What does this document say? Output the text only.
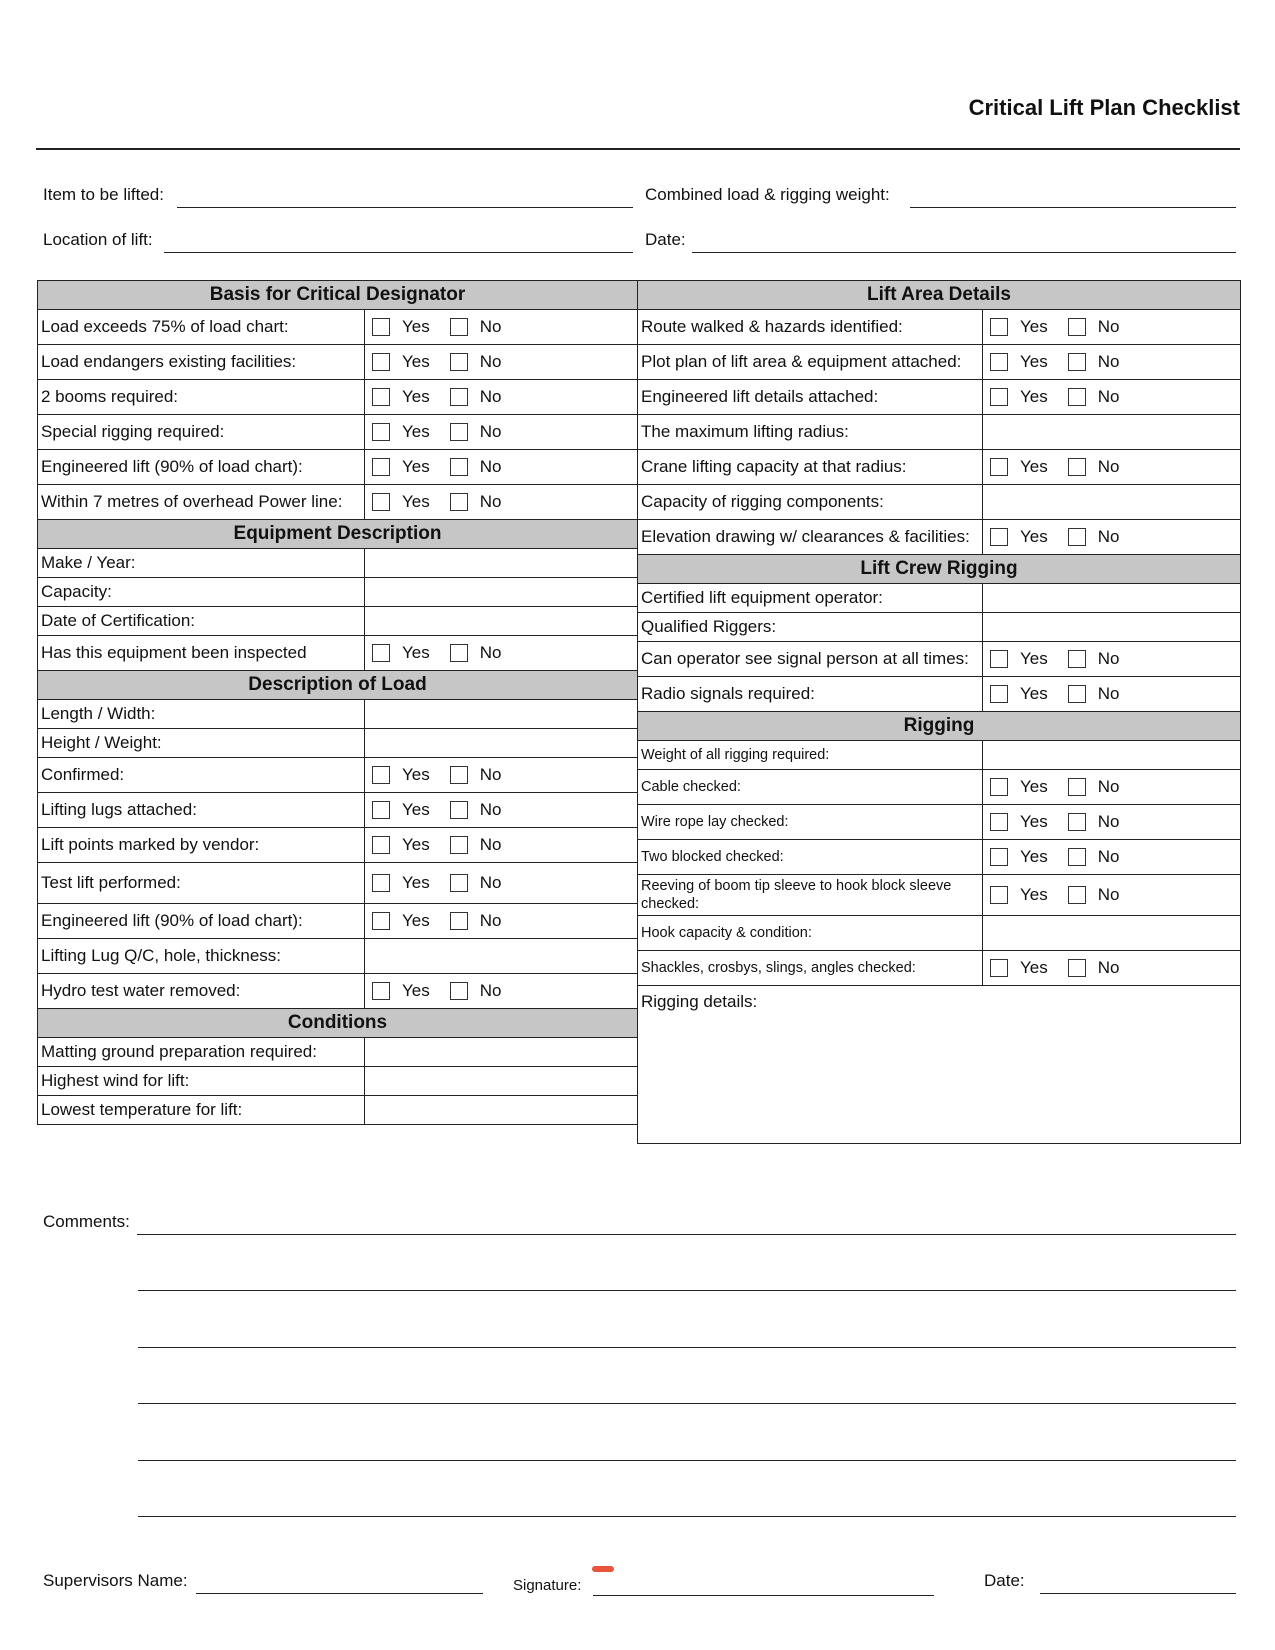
Critical Lift Plan Checklist
Item to be lifted:	Combined load & rigging weight:
Location of lift:	Date:
Basis for Critical Designator	
Load exceeds 75% of load chart:	Yes No

Load endangers existing facilities:	Yes No

2 booms required:	Yes No

Special rigging required:	Yes No

Engineered lift (90% of load chart):	Yes No

Within 7 metres of overhead Power line:	Yes No

Equipment Description	
Make / Year:	
Capacity:	
Date of Certification:	
Has this equipment been inspected	Yes No

Description of Load	
Length / Width:	
Height / Weight:	
Confirmed:	Yes No

Lifting lugs attached:	Yes No

Lift points marked by vendor:	Yes No

Test lift performed:	Yes No

Engineered lift (90% of load chart):	Yes No

Lifting Lug Q/C, hole, thickness:	
Hydro test water removed:	Yes No

Conditions	
Matting ground preparation required:	
Highest wind for lift:	
Lowest temperature for lift:	
Lift Area Details	
Route walked & hazards identified:	Yes No

Plot plan of lift area & equipment attached:	Yes No

Engineered lift details attached:	Yes No

The maximum lifting radius:	
Crane lifting capacity at that radius:	Yes No

Capacity of rigging components:	
Elevation drawing w/ clearances & facilities:	Yes No

Lift Crew Rigging	
Certified lift equipment operator:	
Qualified Riggers:	
Can operator see signal person at all times:	Yes No

Radio signals required:	Yes No

Rigging	
Weight of all rigging required:	
Cable checked:	Yes No

Wire rope lay checked:	Yes No

Two blocked checked:	Yes No

Reeving of boom tip sleeve to hook block sleeve checked:	Yes No

Hook capacity & condition:	
Shackles, crosbys, slings, angles checked:	Yes No

Rigging details:	
Comments:
Supervisors Name:	Signature:	Date:
